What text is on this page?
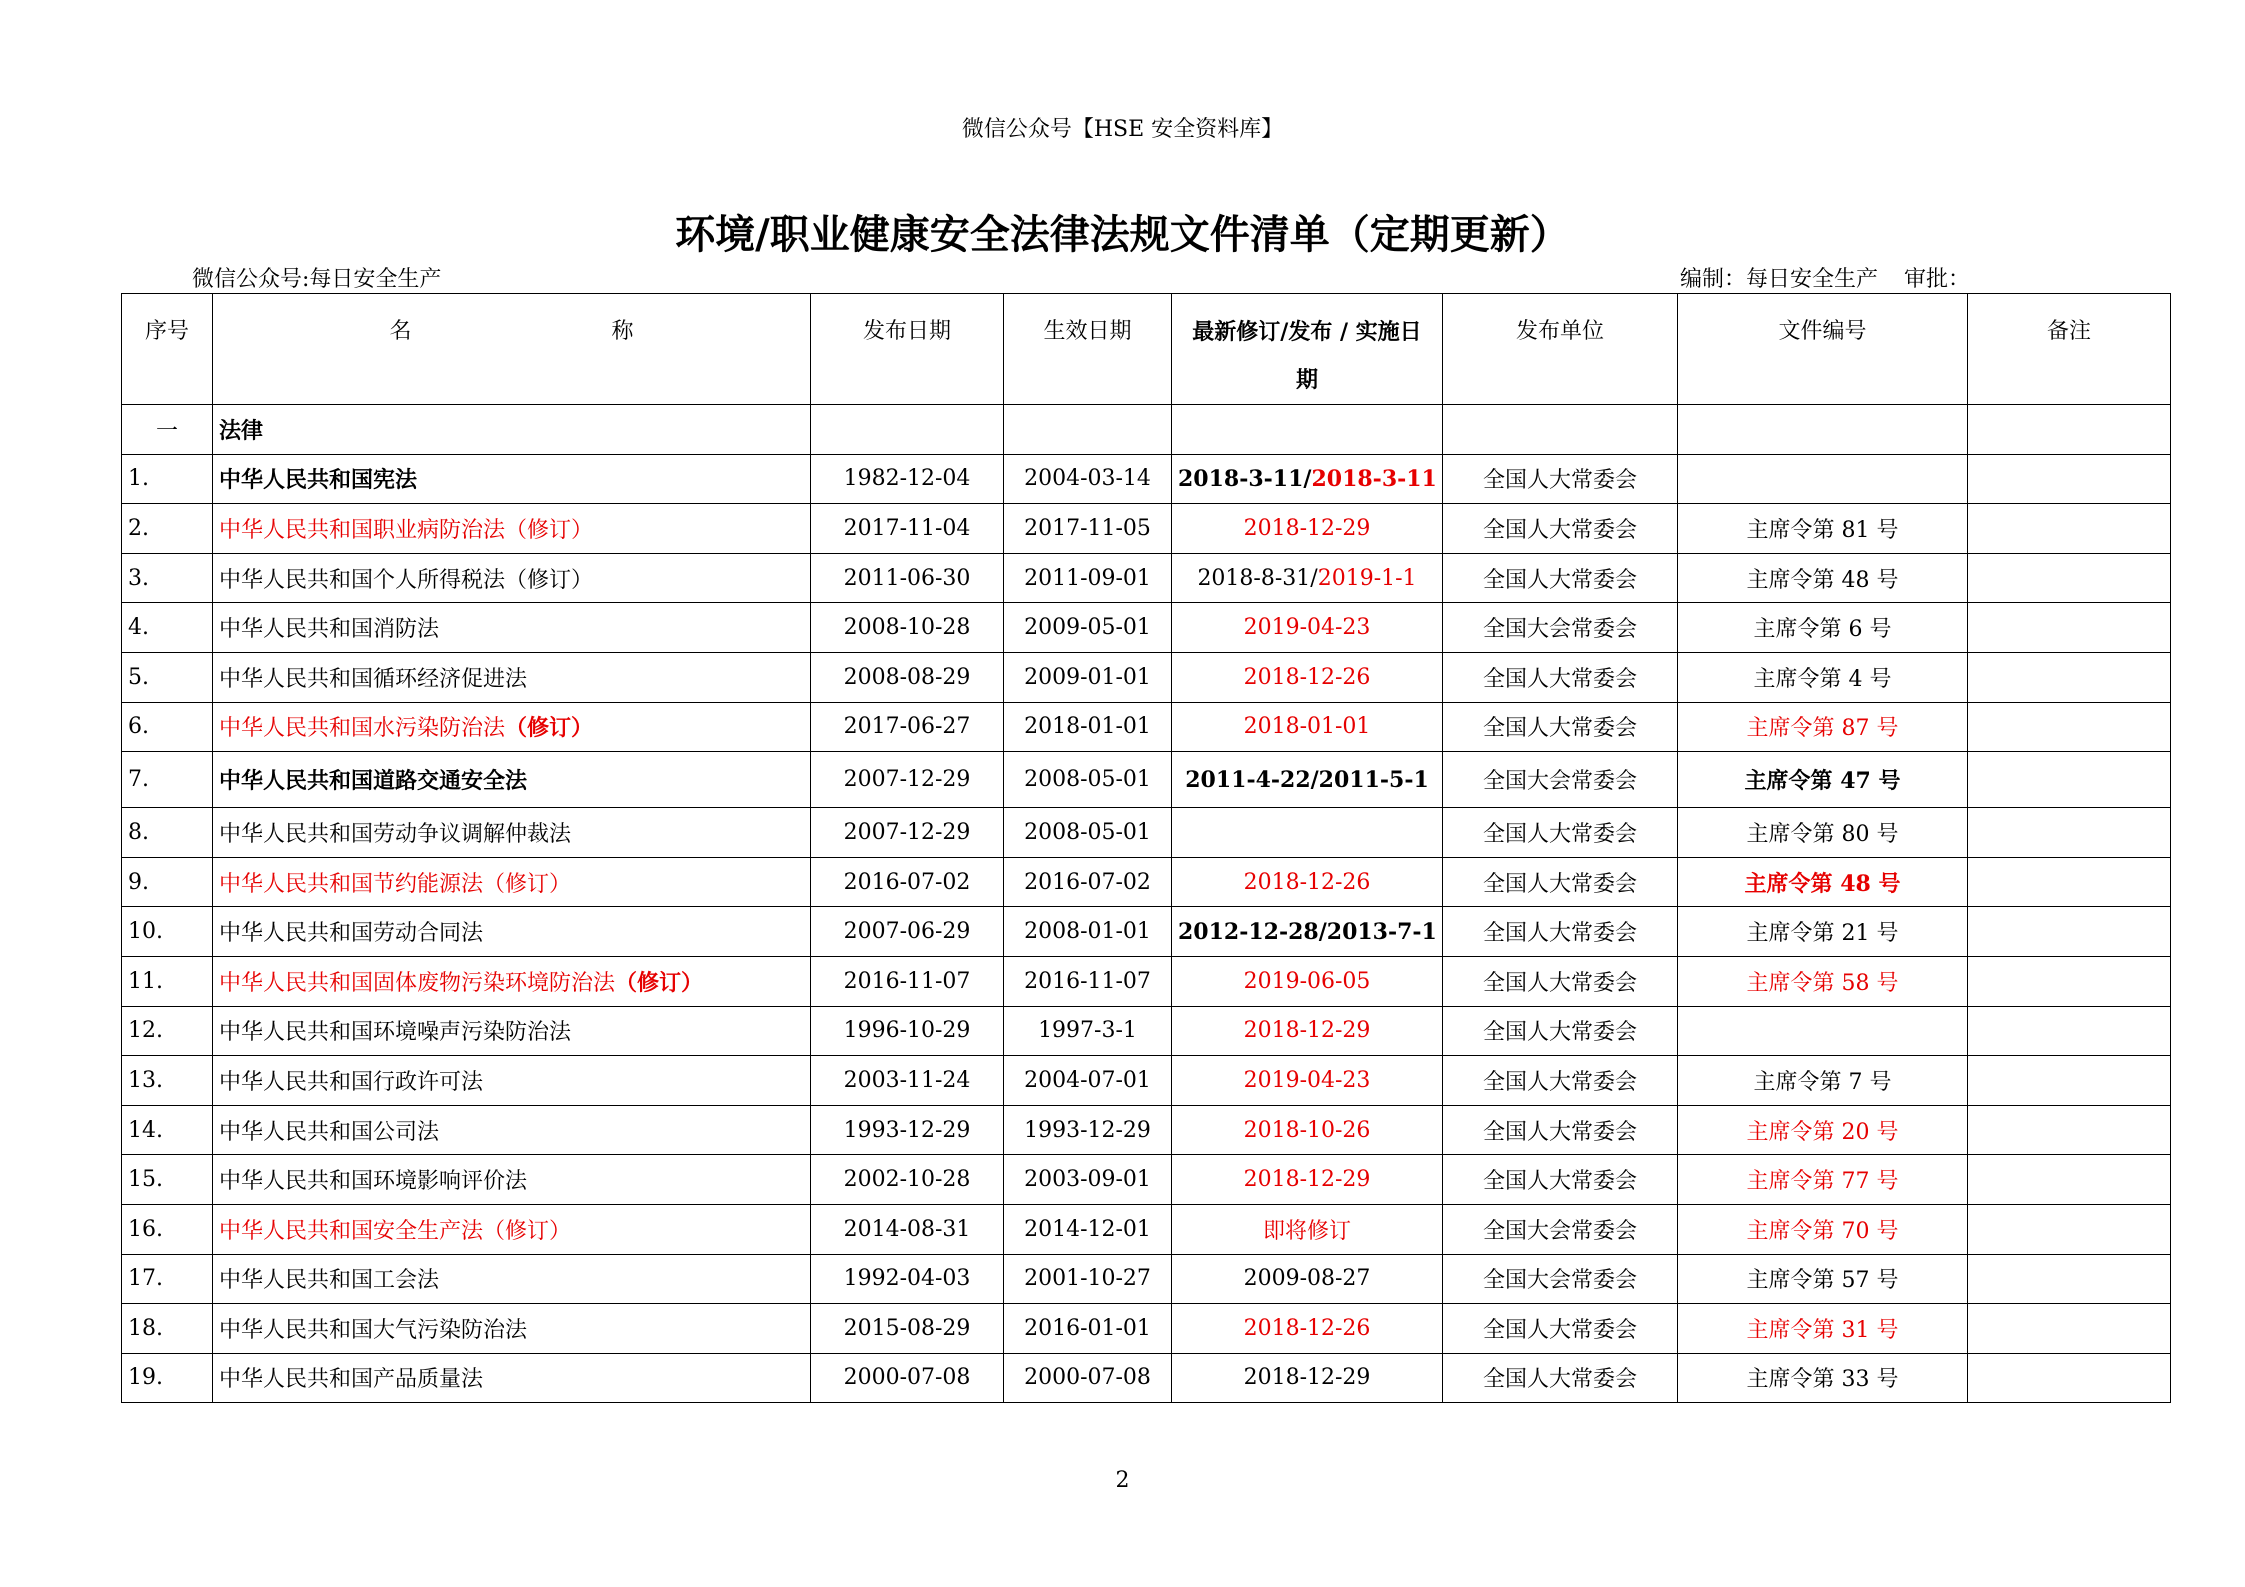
微信公众号【HSE 安全资料库】
环境/职业健康安全法律法规文件清单（定期更新）
微信公众号:每日安全生产	编制：每日安全生产 审批：
序号	名 称	发布日期	生效日期	最新修订/发布 / 实施日期	发布单位	文件编号	备注
一	法律						
1.	中华人民共和国宪法	1982-12-04	2004-03-14	2018-3-11/2018-3-11	全国人大常委会		
2.	中华人民共和国职业病防治法（修订）	2017-11-04	2017-11-05	2018-12-29	全国人大常委会	主席令第 81 号	
3.	中华人民共和国个人所得税法（修订）	2011-06-30	2011-09-01	2018-8-31/2019-1-1	全国人大常委会	主席令第 48 号	
4.	中华人民共和国消防法	2008-10-28	2009-05-01	2019-04-23	全国大会常委会	主席令第 6 号	
5.	中华人民共和国循环经济促进法	2008-08-29	2009-01-01	2018-12-26	全国人大常委会	主席令第 4 号	
6.	中华人民共和国水污染防治法（修订）	2017-06-27	2018-01-01	2018-01-01	全国人大常委会	主席令第 87 号	
7.	中华人民共和国道路交通安全法	2007-12-29	2008-05-01	2011-4-22/2011-5-1	全国大会常委会	主席令第 47 号	
8.	中华人民共和国劳动争议调解仲裁法	2007-12-29	2008-05-01		全国人大常委会	主席令第 80 号	
9.	中华人民共和国节约能源法（修订）	2016-07-02	2016-07-02	2018-12-26	全国人大常委会	主席令第 48 号	
10.	中华人民共和国劳动合同法	2007-06-29	2008-01-01	2012-12-28/2013-7-1	全国人大常委会	主席令第 21 号	
11.	中华人民共和国固体废物污染环境防治法（修订）	2016-11-07	2016-11-07	2019-06-05	全国人大常委会	主席令第 58 号	
12.	中华人民共和国环境噪声污染防治法	1996-10-29	1997-3-1	2018-12-29	全国人大常委会		
13.	中华人民共和国行政许可法	2003-11-24	2004-07-01	2019-04-23	全国人大常委会	主席令第 7 号	
14.	中华人民共和国公司法	1993-12-29	1993-12-29	2018-10-26	全国人大常委会	主席令第 20 号	
15.	中华人民共和国环境影响评价法	2002-10-28	2003-09-01	2018-12-29	全国人大常委会	主席令第 77 号	
16.	中华人民共和国安全生产法（修订）	2014-08-31	2014-12-01	即将修订	全国大会常委会	主席令第 70 号	
17.	中华人民共和国工会法	1992-04-03	2001-10-27	2009-08-27	全国大会常委会	主席令第 57 号	
18.	中华人民共和国大气污染防治法	2015-08-29	2016-01-01	2018-12-26	全国人大常委会	主席令第 31 号	
19.	中华人民共和国产品质量法	2000-07-08	2000-07-08	2018-12-29	全国人大常委会	主席令第 33 号	
2
